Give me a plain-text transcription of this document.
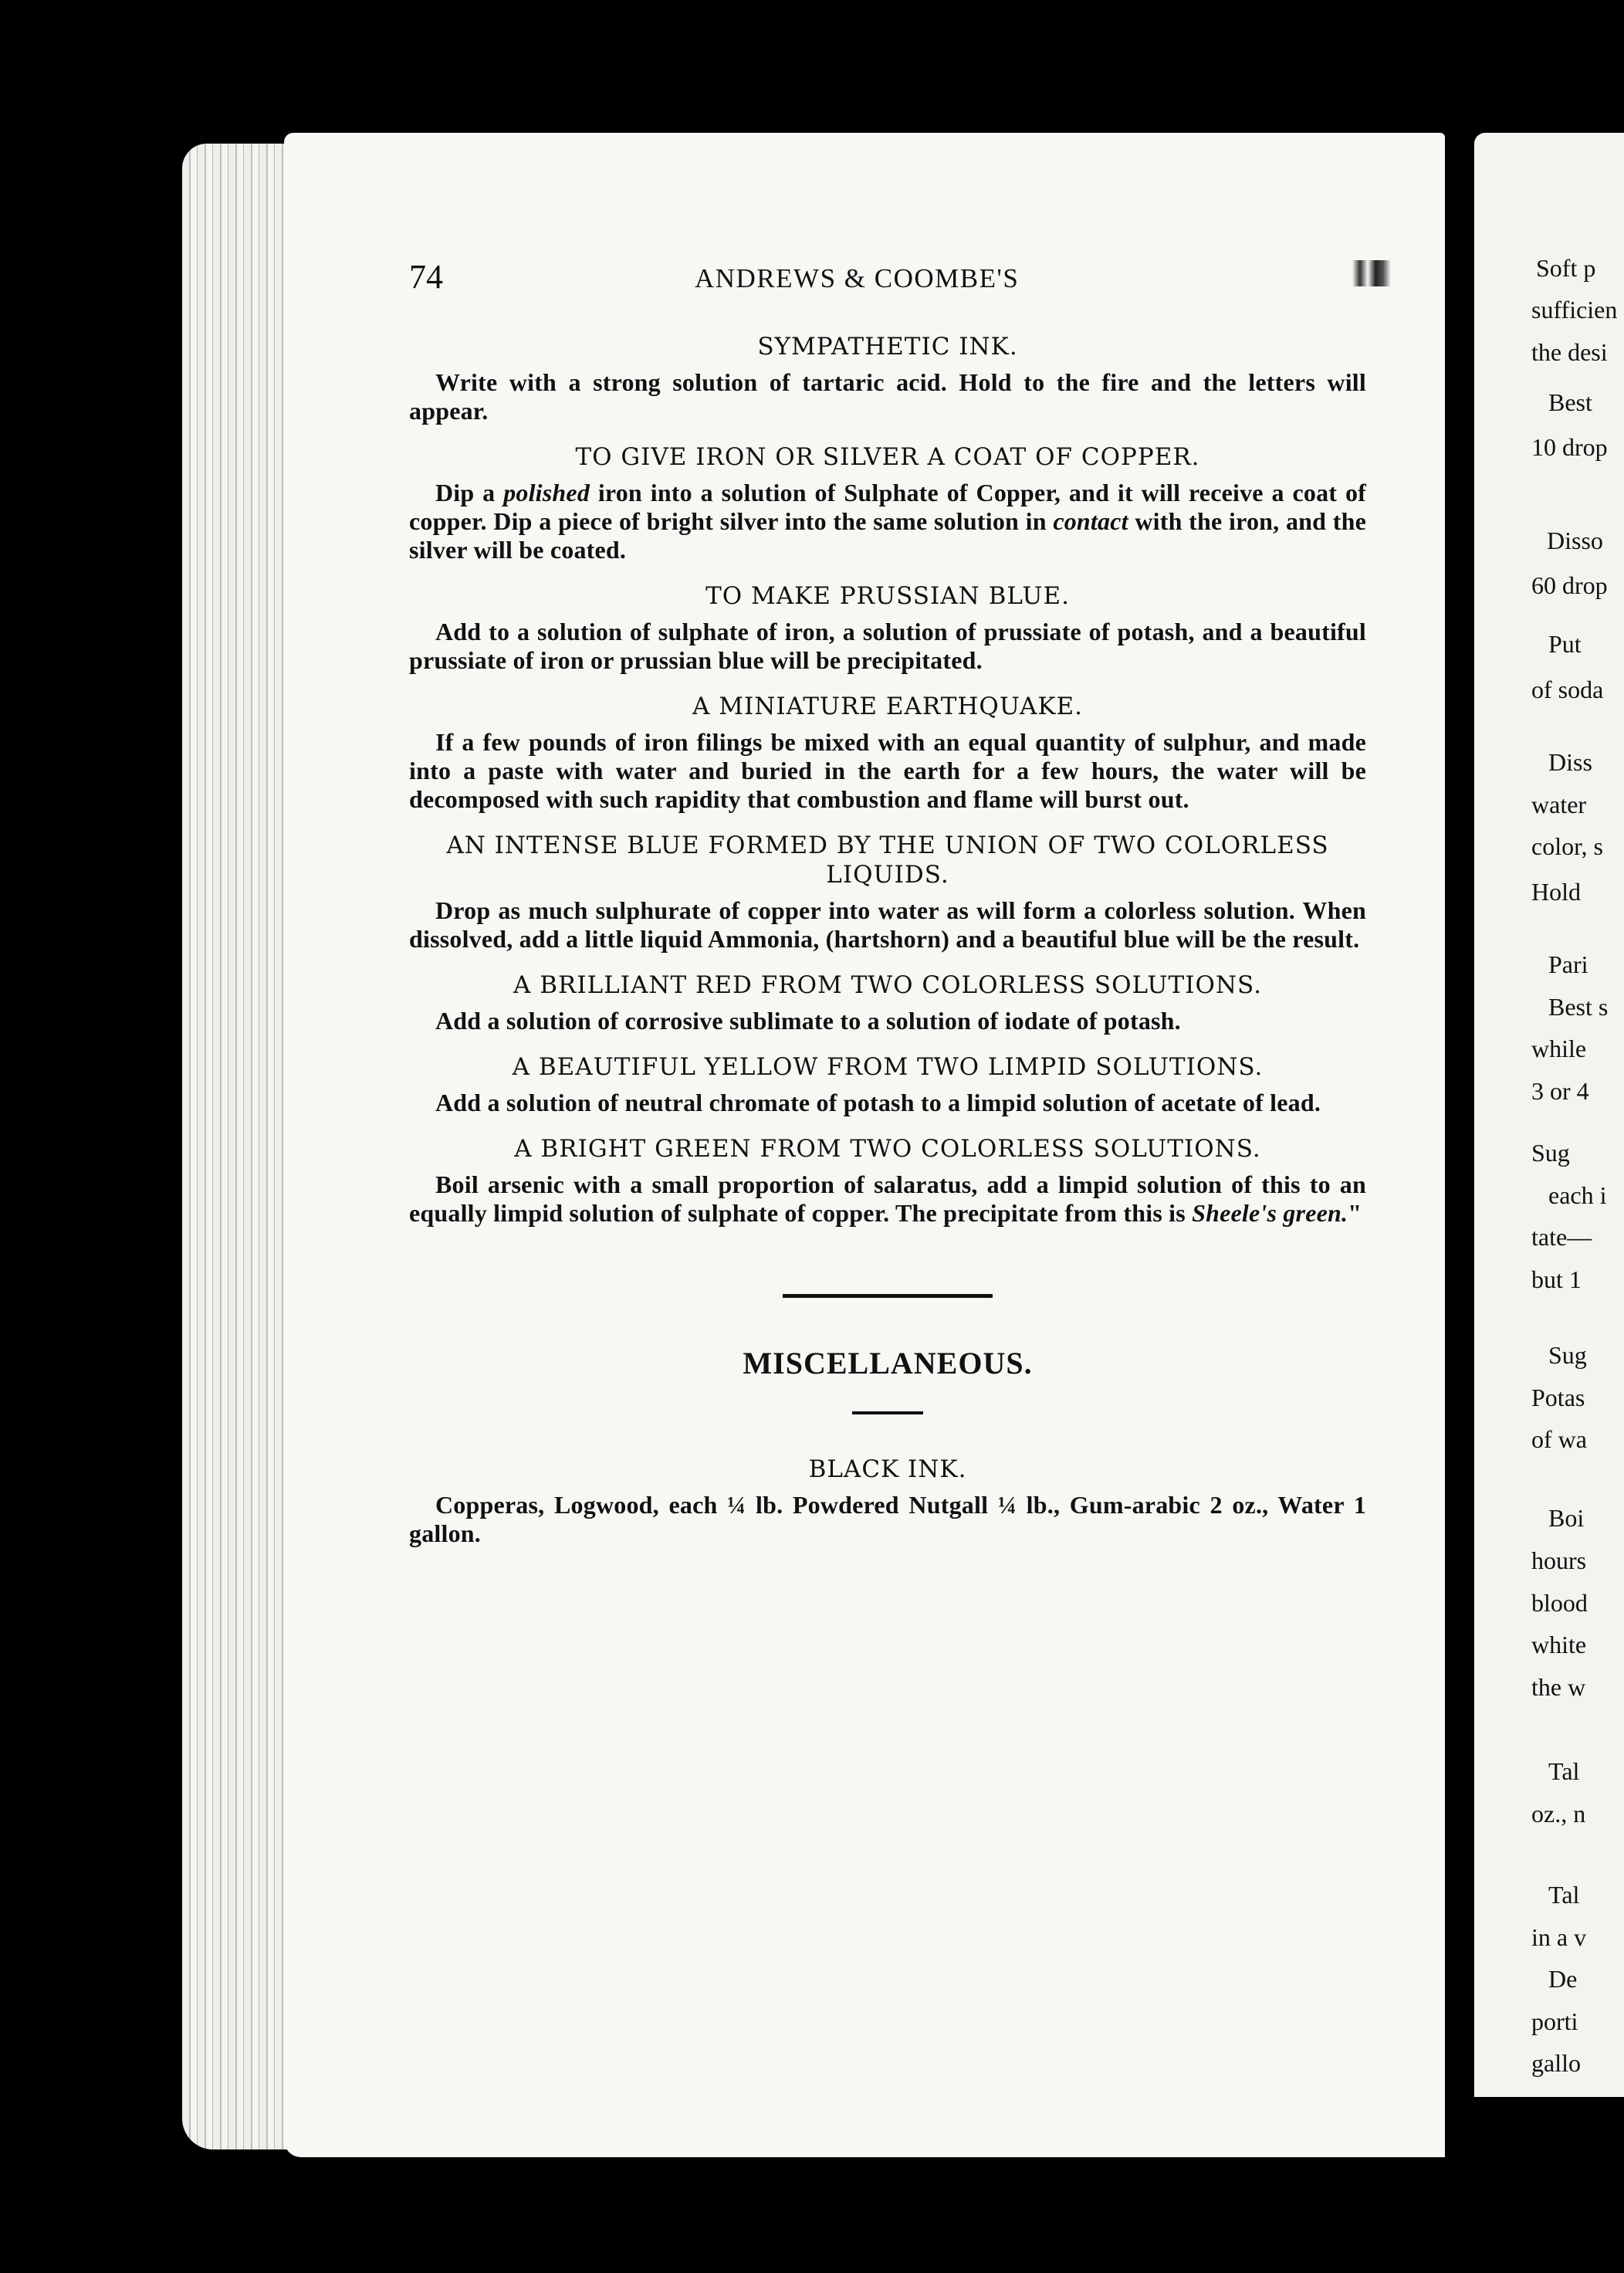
Soft p
sufficien
the desi
Best
10 drop
Disso
60 drop
Put
of soda
Diss
water
color, s
Hold
Pari
Best s
while
3 or 4
Sug
each i
tate—
but 1
Sug
Potas
of wa
Boi
hours
blood
white
the w
Tal
oz., n
Tal
in a v
De
porti
gallo

74	ANDREWS & COOMBE'S
SYMPATHETIC INK.

Write with a strong solution of tartaric acid. Hold to the fire and the letters will appear.

TO GIVE IRON OR SILVER A COAT OF COPPER.

Dip a polished iron into a solution of Sulphate of Copper, and it will receive a coat of copper. Dip a piece of bright silver into the same solution in contact with the iron, and the silver will be coated.

TO MAKE PRUSSIAN BLUE.

Add to a solution of sulphate of iron, a solution of prussiate of potash, and a beautiful prussiate of iron or prussian blue will be precipitated.

A MINIATURE EARTHQUAKE.

If a few pounds of iron filings be mixed with an equal quantity of sulphur, and made into a paste with water and buried in the earth for a few hours, the water will be decomposed with such rapidity that combustion and flame will burst out.

AN INTENSE BLUE FORMED BY THE UNION OF TWO COLORLESS LIQUIDS.

Drop as much sulphurate of copper into water as will form a colorless solution. When dissolved, add a little liquid Ammonia, (hartshorn) and a beautiful blue will be the result.

A BRILLIANT RED FROM TWO COLORLESS SOLUTIONS.

Add a solution of corrosive sublimate to a solution of iodate of potash.

A BEAUTIFUL YELLOW FROM TWO LIMPID SOLUTIONS.

Add a solution of neutral chromate of potash to a limpid solution of acetate of lead.

A BRIGHT GREEN FROM TWO COLORLESS SOLUTIONS.

Boil arsenic with a small proportion of salaratus, add a limpid solution of this to an equally limpid solution of sulphate of copper. The precipitate from this is Sheele's green."

MISCELLANEOUS.
BLACK INK.

Copperas, Logwood, each ¼ lb. Powdered Nutgall ¼ lb., Gum-arabic 2 oz., Water 1 gallon.
